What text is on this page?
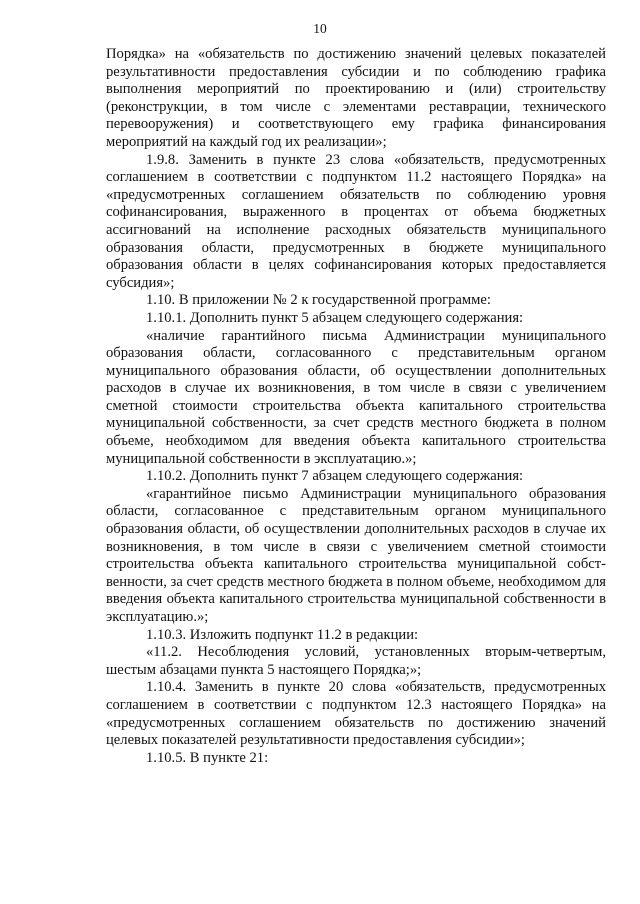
10

Порядка» на «обязательств по достижению значений целевых показателей результативности предоставления субсидии и по соблюдению графика выполнения мероприятий по проектированию и (или) строительству (реконструкции, в том числе с элементами реставрации, технического перевооружения) и соответствующего ему графика финансирования мероприятий на каждый год их реализации»;

1.9.8. Заменить в пункте 23 слова «обязательств, предусмотренных соглашением в соответствии с подпунктом 11.2 настоящего Порядка» на «предусмотренных соглашением обязательств по соблюдению уровня софинансирования, выраженного в процентах от объема бюджетных ассигнований на исполнение расходных обязательств муниципального образования области, предусмотренных в бюджете муниципального образования области в целях софинансирования которых предоставляется субсидия»;

1.10. В приложении № 2 к государственной программе:

1.10.1. Дополнить пункт 5 абзацем следующего содержания:

«наличие гарантийного письма Администрации муниципального образования области, согласованного с представительным органом муниципального образования области, об осуществлении дополнительных расходов в случае их возникновения, в том числе в связи с увеличением сметной стоимости строительства объекта капитального строительства муниципальной собственности, за счет средств местного бюджета в полном объеме, необходимом для введения объекта капитального строительства муниципальной собственности в эксплуатацию.»;

1.10.2. Дополнить пункт 7 абзацем следующего содержания:

«гарантийное письмо Администрации муниципального образования области, согласованное с представительным органом муниципального образования области, об осуществлении дополнительных расходов в случае их возникновения, в том числе в связи с увеличением сметной стоимости строительства объекта капитального строительства муниципальной собственности, за счет средств местного бюджета в полном объеме, необходимом для введения объекта капитального строительства муниципальной собственности в эксплуатацию.»;

1.10.3. Изложить подпункт 11.2 в редакции:

«11.2. Несоблюдения условий, установленных вторым-четвертым, шестым абзацами пункта 5 настоящего Порядка;»;

1.10.4. Заменить в пункте 20 слова «обязательств, предусмотренных соглашением в соответствии с подпунктом 12.3 настоящего Порядка» на «предусмотренных соглашением обязательств по достижению значений целевых показателей результативности предоставления субсидии»;

1.10.5. В пункте 21:
